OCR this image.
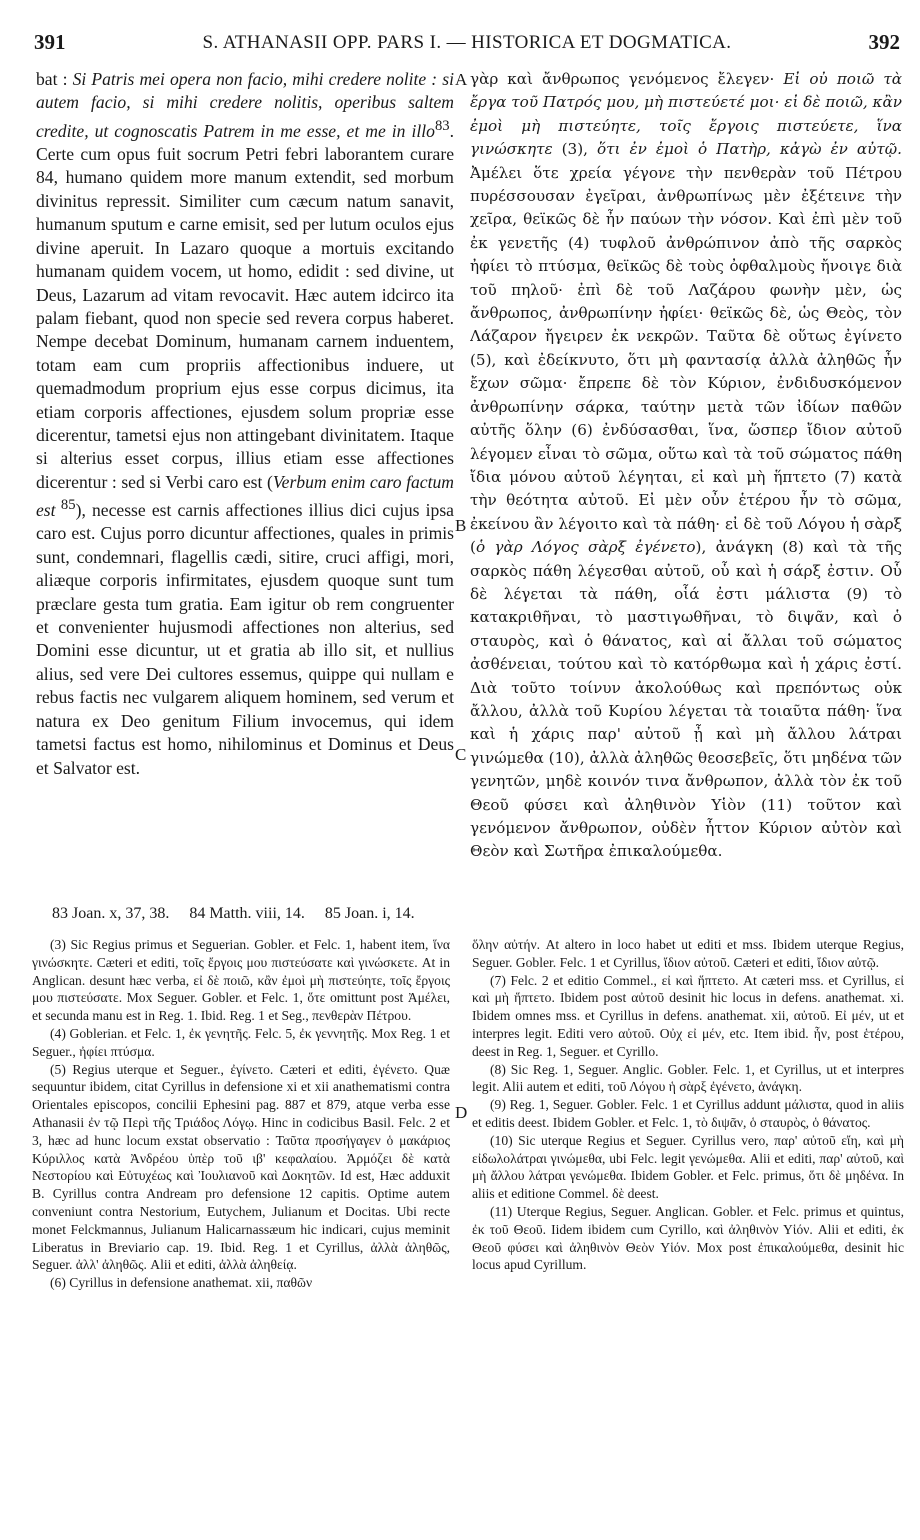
391	S. ATHANASII OPP. PARS I. — HISTORICA ET DOGMATICA.	392

bat : Si Patris mei opera non facio, mihi credere nolite : si autem facio, si mihi credere nolitis, operibus saltem credite, ut cognoscatis Patrem in me esse, et me in illo$^{83}$. Certe cum opus fuit socrum Petri febri laborantem curare 84, humano quidem more manum extendit, sed morbum divinitus repressit. Similiter cum cæcum natum sanavit, humanum sputum e carne emisit, sed per lutum oculos ejus divine aperuit. In Lazaro quoque a mortuis excitando humanam quidem vocem, ut homo, edidit : sed divine, ut Deus, Lazarum ad vitam revocavit. Hæc autem idcirco ita palam fiebant, quod non specie sed revera corpus haberet. Nempe decebat Dominum, humanam carnem induentem, totam eam cum propriis affectionibus induere, ut quemadmodum proprium ejus esse corpus dicimus, ita etiam corporis affectiones, ejusdem solum propriæ esse dicerentur, tametsi ejus non attingebant divinitatem. Itaque si alterius esset corpus, illius etiam esse affectiones dicerentur : sed si Verbi caro est (Verbum enim caro factum est $^{85}$), necesse est carnis affectiones illius dici cujus ipsa caro est. Cujus porro dicuntur affectiones, quales in primis sunt, condemnari, flagellis cædi, sitire, cruci affigi, mori, aliæque corporis infirmitates, ejusdem quoque sunt tum præclare gesta tum gratia. Eam igitur ob rem congruenter et convenienter hujusmodi affectiones non alterius, sed Domini esse dicuntur, ut et gratia ab illo sit, et nullius alius, sed vere Dei cultores essemus, quippe qui nullam e rebus factis nec vulgarem aliquem hominem, sed verum et natura ex Deo genitum Filium invocemus, qui idem tametsi factus est homo, nihilominus et Dominus et Deus et Salvator est.

A
B
C

γὰρ καὶ ἄνθρωπος γενόμενος ἔλεγεν· Εἰ οὐ ποιῶ τὰ ἔργα τοῦ Πατρός μου, μὴ πιστεύετέ μοι· εἰ δὲ ποιῶ, κἂν ἐμοὶ μὴ πιστεύητε, τοῖς ἔργοις πιστεύετε, ἵνα γινώσκητε (3), ὅτι ἐν ἐμοὶ ὁ Πατὴρ, κἀγὼ ἐν αὐτῷ. Ἀμέλει ὅτε χρεία γέγονε τὴν πενθερὰν τοῦ Πέτρου πυρέσσουσαν ἐγεῖραι, ἀνθρωπίνως μὲν ἐξέτεινε τὴν χεῖρα, θεϊκῶς δὲ ἦν παύων τὴν νόσον. Καὶ ἐπὶ μὲν τοῦ ἐκ γενετῆς (4) τυφλοῦ ἀνθρώπινον ἀπὸ τῆς σαρκὸς ἠφίει τὸ πτύσμα, θεϊκῶς δὲ τοὺς ὀφθαλμοὺς ἤνοιγε διὰ τοῦ πηλοῦ· ἐπὶ δὲ τοῦ Λαζάρου φωνὴν μὲν, ὡς ἄνθρωπος, ἀνθρωπίνην ἠφίει· θεϊκῶς δὲ, ὡς Θεὸς, τὸν Λάζαρον ἤγειρεν ἐκ νεκρῶν. Ταῦτα δὲ οὕτως ἐγίνετο (5), καὶ ἐδείκνυτο, ὅτι μὴ φαντασίᾳ ἀλλὰ ἀληθῶς ἦν ἔχων σῶμα· ἔπρεπε δὲ τὸν Κύριον, ἐνδιδυσκόμενον ἀνθρωπίνην σάρκα, ταύτην μετὰ τῶν ἰδίων παθῶν αὐτῆς ὅλην (6) ἐνδύσασθαι, ἵνα, ὥσπερ ἴδιον αὐτοῦ λέγομεν εἶναι τὸ σῶμα, οὕτω καὶ τὰ τοῦ σώματος πάθη ἴδια μόνου αὐτοῦ λέγηται, εἰ καὶ μὴ ἥπτετο (7) κατὰ τὴν θεότητα αὐτοῦ. Εἰ μὲν οὖν ἑτέρου ἦν τὸ σῶμα, ἐκείνου ἂν λέγοιτο καὶ τὰ πάθη· εἰ δὲ τοῦ Λόγου ἡ σὰρξ (ὁ γὰρ Λόγος σὰρξ ἐγένετο), ἀνάγκη (8) καὶ τὰ τῆς σαρκὸς πάθη λέγεσθαι αὐτοῦ, οὗ καὶ ἡ σάρξ ἐστιν. Οὗ δὲ λέγεται τὰ πάθη, οἷά ἐστι μάλιστα (9) τὸ κατακριθῆναι, τὸ μαστιγωθῆναι, τὸ διψᾶν, καὶ ὁ σταυρὸς, καὶ ὁ θάνατος, καὶ αἱ ἄλλαι τοῦ σώματος ἀσθένειαι, τούτου καὶ τὸ κατόρθωμα καὶ ἡ χάρις ἐστί. Διὰ τοῦτο τοίνυν ἀκολούθως καὶ πρεπόντως οὐκ ἄλλου, ἀλλὰ τοῦ Κυρίου λέγεται τὰ τοιαῦτα πάθη· ἵνα καὶ ἡ χάρις παρ' αὐτοῦ ᾖ καὶ μὴ ἄλλου λάτραι γινώμεθα (10), ἀλλὰ ἀληθῶς θεοσεβεῖς, ὅτι μηδένα τῶν γενητῶν, μηδὲ κοινόν τινα ἄνθρωπον, ἀλλὰ τὸν ἐκ τοῦ Θεοῦ φύσει καὶ ἀληθινὸν Υἱὸν (11) τοῦτον καὶ γενόμενον ἄνθρωπον, οὐδὲν ἧττον Κύριον αὐτὸν καὶ Θεὸν καὶ Σωτῆρα ἐπικαλούμεθα.

83 Joan. x, 37, 38. 84 Matth. viii, 14. 85 Joan. i, 14.
D

(3) Sic Regius primus et Seguerian. Gobler. et Felc. 1, habent item, ἵνα γινώσκητε. Cæteri et editi, τοῖς ἔργοις μου πιστεύσατε καὶ γινώσκετε. At in Anglican. desunt hæc verba, εἰ δὲ ποιῶ, κἂν ἐμοὶ μὴ πιστεύητε, τοῖς ἔργοις μου πιστεύσατε. Mox Seguer. Gobler. et Felc. 1, ὅτε omittunt post Ἀμέλει, et secunda manu est in Reg. 1. Ibid. Reg. 1 et Seg., πενθερὰν Πέτρου.

(4) Goblerian. et Felc. 1, ἐκ γενητῆς. Felc. 5, ἐκ γεννητῆς. Mox Reg. 1 et Seguer., ἠφίει πτύσμα.

(5) Regius uterque et Seguer., ἐγίνετο. Cæteri et editi, ἐγένετο. Quæ sequuntur ibidem, citat Cyrillus in defensione xi et xii anathematismi contra Orientales episcopos, concilii Ephesini pag. 887 et 879, atque verba esse Athanasii ἐν τῷ Περὶ τῆς Τριάδος Λόγῳ. Hinc in codicibus Basil. Felc. 2 et 3, hæc ad hunc locum exstat observatio : Ταῦτα προσήγαγεν ὁ μακάριος Κύριλλος κατὰ Ἀνδρέου ὑπὲρ τοῦ ιβ' κεφαλαίου. Ἁρμόζει δὲ κατὰ Νεστορίου καὶ Εὐτυχέως καὶ Ἰουλιανοῦ καὶ Δοκητῶν. Id est, Hæc adduxit B. Cyrillus contra Andream pro defensione 12 capitis. Optime autem conveniunt contra Nestorium, Eutychem, Julianum et Docitas. Ubi recte monet Felckmannus, Julianum Halicarnassæum hic indicari, cujus meminit Liberatus in Breviario cap. 19. Ibid. Reg. 1 et Cyrillus, ἀλλὰ ἀληθῶς, Seguer. ἀλλ' ἀληθῶς. Alii et editi, ἀλλὰ ἀληθείᾳ.

(6) Cyrillus in defensione anathemat. xii, παθῶν

ὅλην αὐτήν. At altero in loco habet ut editi et mss. Ibidem uterque Regius, Seguer. Gobler. Felc. 1 et Cyrillus, ἴδιον αὐτοῦ. Cæteri et editi, ἴδιον αὐτῷ.

(7) Felc. 2 et editio Commel., εἰ καὶ ἥπτετο. At cæteri mss. et Cyrillus, εἰ καὶ μὴ ἥπτετο. Ibidem post αὐτοῦ desinit hic locus in defens. anathemat. xi. Ibidem omnes mss. et Cyrillus in defens. anathemat. xii, αὐτοῦ. Εἰ μέν, ut et interpres legit. Editi vero αὐτοῦ. Οὐχ εἰ μέν, etc. Item ibid. ἦν, post ἑτέρου, deest in Reg. 1, Seguer. et Cyrillo.

(8) Sic Reg. 1, Seguer. Anglic. Gobler. Felc. 1, et Cyrillus, ut et interpres legit. Alii autem et editi, τοῦ Λόγου ἡ σὰρξ ἐγένετο, ἀνάγκη.

(9) Reg. 1, Seguer. Gobler. Felc. 1 et Cyrillus addunt μάλιστα, quod in aliis et editis deest. Ibidem Gobler. et Felc. 1, τὸ διψᾶν, ὁ σταυρὸς, ὁ θάνατος.

(10) Sic uterque Regius et Seguer. Cyrillus vero, παρ' αὐτοῦ εἴη, καὶ μὴ εἰδωλολάτραι γινώμεθα, ubi Felc. legit γενώμεθα. Alii et editi, παρ' αὐτοῦ, καὶ μὴ ἄλλου λάτραι γενώμεθα. Ibidem Gobler. et Felc. primus, ὅτι δὲ μηδένα. In aliis et editione Commel. δὲ deest.

(11) Uterque Regius, Seguer. Anglican. Gobler. et Felc. primus et quintus, ἐκ τοῦ Θεοῦ. Iidem ibidem cum Cyrillo, καὶ ἀληθινὸν Υἱόν. Alii et editi, ἐκ Θεοῦ φύσει καὶ ἀληθινὸν Θεὸν Υἱόν. Mox post ἐπικαλούμεθα, desinit hic locus apud Cyrillum.
